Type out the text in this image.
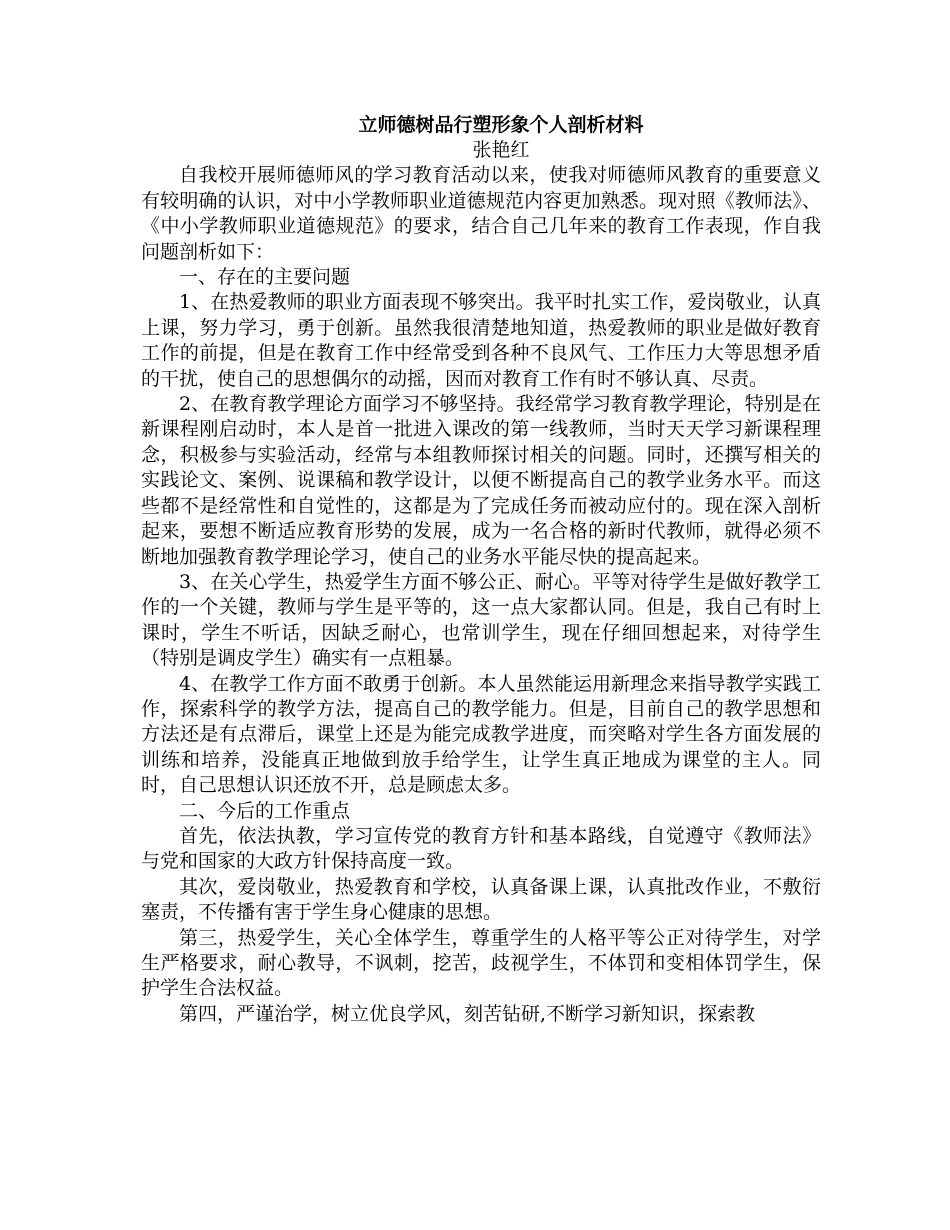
立师德树品行塑形象个人剖析材料

张艳红

自我校开展师德师风的学习教育活动以来，使我对师德师风教育的重要意义有较明确的认识，对中小学教师职业道德规范内容更加熟悉。现对照《教师法》、《中小学教师职业道德规范》的要求，结合自己几年来的教育工作表现，作自我问题剖析如下：

一、存在的主要问题

1、在热爱教师的职业方面表现不够突出。我平时扎实工作，爱岗敬业，认真上课，努力学习，勇于创新。虽然我很清楚地知道，热爱教师的职业是做好教育工作的前提，但是在教育工作中经常受到各种不良风气、工作压力大等思想矛盾的干扰，使自己的思想偶尔的动摇，因而对教育工作有时不够认真、尽责。

2、在教育教学理论方面学习不够坚持。我经常学习教育教学理论，特别是在新课程刚启动时，本人是首一批进入课改的第一线教师，当时天天学习新课程理念，积极参与实验活动，经常与本组教师探讨相关的问题。同时，还撰写相关的实践论文、案例、说课稿和教学设计，以便不断提高自己的教学业务水平。而这些都不是经常性和自觉性的，这都是为了完成任务而被动应付的。现在深入剖析起来，要想不断适应教育形势的发展，成为一名合格的新时代教师，就得必须不断地加强教育教学理论学习，使自己的业务水平能尽快的提高起来。

3、在关心学生，热爱学生方面不够公正、耐心。平等对待学生是做好教学工作的一个关键，教师与学生是平等的，这一点大家都认同。但是，我自己有时上课时，学生不听话，因缺乏耐心，也常训学生，现在仔细回想起来，对待学生（特别是调皮学生）确实有一点粗暴。

4、在教学工作方面不敢勇于创新。本人虽然能运用新理念来指导教学实践工作，探索科学的教学方法，提高自己的教学能力。但是，目前自己的教学思想和方法还是有点滞后，课堂上还是为能完成教学进度，而突略对学生各方面发展的训练和培养，没能真正地做到放手给学生，让学生真正地成为课堂的主人。同时，自己思想认识还放不开，总是顾虑太多。

二、今后的工作重点

首先，依法执教，学习宣传党的教育方针和基本路线，自觉遵守《教师法》与党和国家的大政方针保持高度一致。

其次，爱岗敬业，热爱教育和学校，认真备课上课，认真批改作业，不敷衍塞责，不传播有害于学生身心健康的思想。

第三，热爱学生，关心全体学生，尊重学生的人格平等公正对待学生，对学生严格要求，耐心教导，不讽刺，挖苦，歧视学生，不体罚和变相体罚学生，保护学生合法权益。

第四，严谨治学，树立优良学风，刻苦钻研,不断学习新知识，探索教
